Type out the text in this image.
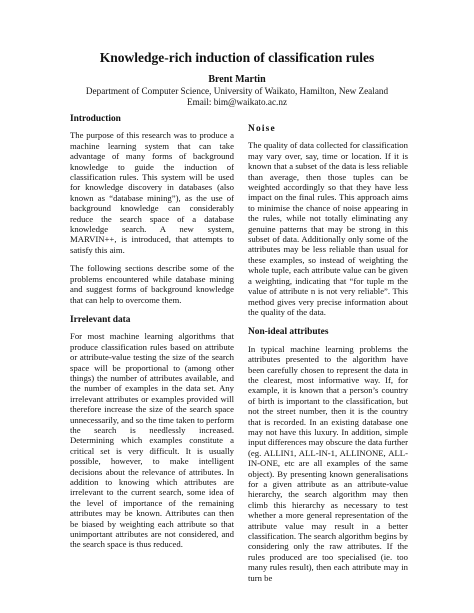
Knowledge-rich induction of classification rules
Brent Martin
Department of Computer Science, University of Waikato, Hamilton, New Zealand
Email: bim@waikato.ac.nz
Introduction

The purpose of this research was to produce a machine learning system that can take advantage of many forms of background knowledge to guide the induction of classification rules. This system will be used for knowledge discovery in databases (also known as “database mining”), as the use of background knowledge can considerably reduce the search space of a database knowledge search. A new system, MARVIN++, is introduced, that attempts to satisfy this aim.

The following sections describe some of the problems encountered while database mining and suggest forms of background knowledge that can help to overcome them.

Irrelevant data

For most machine learning algorithms that produce classification rules based on attribute or attribute-value testing the size of the search space will be proportional to (among other things) the number of attributes available, and the number of examples in the data set. Any irrelevant attributes or examples provided will therefore increase the size of the search space unnecessarily, and so the time taken to perform the search is needlessly increased. Determining which examples constitute a critical set is very difficult. It is usually possible, however, to make intelligent decisions about the relevance of attributes. In addition to knowing which attributes are irrelevant to the current search, some idea of the level of importance of the remaining attributes may be known. Attributes can then be biased by weighting each attribute so that unimportant attributes are not considered, and the search space is thus reduced.

Noise

The quality of data collected for classification may vary over, say, time or location. If it is known that a subset of the data is less reliable than average, then those tuples can be weighted accordingly so that they have less impact on the final rules. This approach aims to minimise the chance of noise appearing in the rules, while not totally eliminating any genuine patterns that may be strong in this subset of data. Additionally only some of the attributes may be less reliable than usual for these examples, so instead of weighting the whole tuple, each attribute value can be given a weighting, indicating that “for tuple m the value of attribute n is not very reliable”. This method gives very precise information about the quality of the data.

Non-ideal attributes

In typical machine learning problems the attributes presented to the algorithm have been carefully chosen to represent the data in the clearest, most informative way. If, for example, it is known that a person’s country of birth is important to the classification, but not the street number, then it is the country that is recorded. In an existing database one may not have this luxury. In addition, simple input differences may obscure the data further (eg. ALLIN1, ALL-IN-1, ALLINONE, ALL-IN-ONE, etc are all examples of the same object). By presenting known generalisations for a given attribute as an attribute-value hierarchy, the search algorithm may then climb this hierarchy as necessary to test whether a more general representation of the attribute value may result in a better classification. The search algorithm begins by considering only the raw attributes. If the rules produced are too specialised (ie. too many rules result), then each attribute may in turn be
